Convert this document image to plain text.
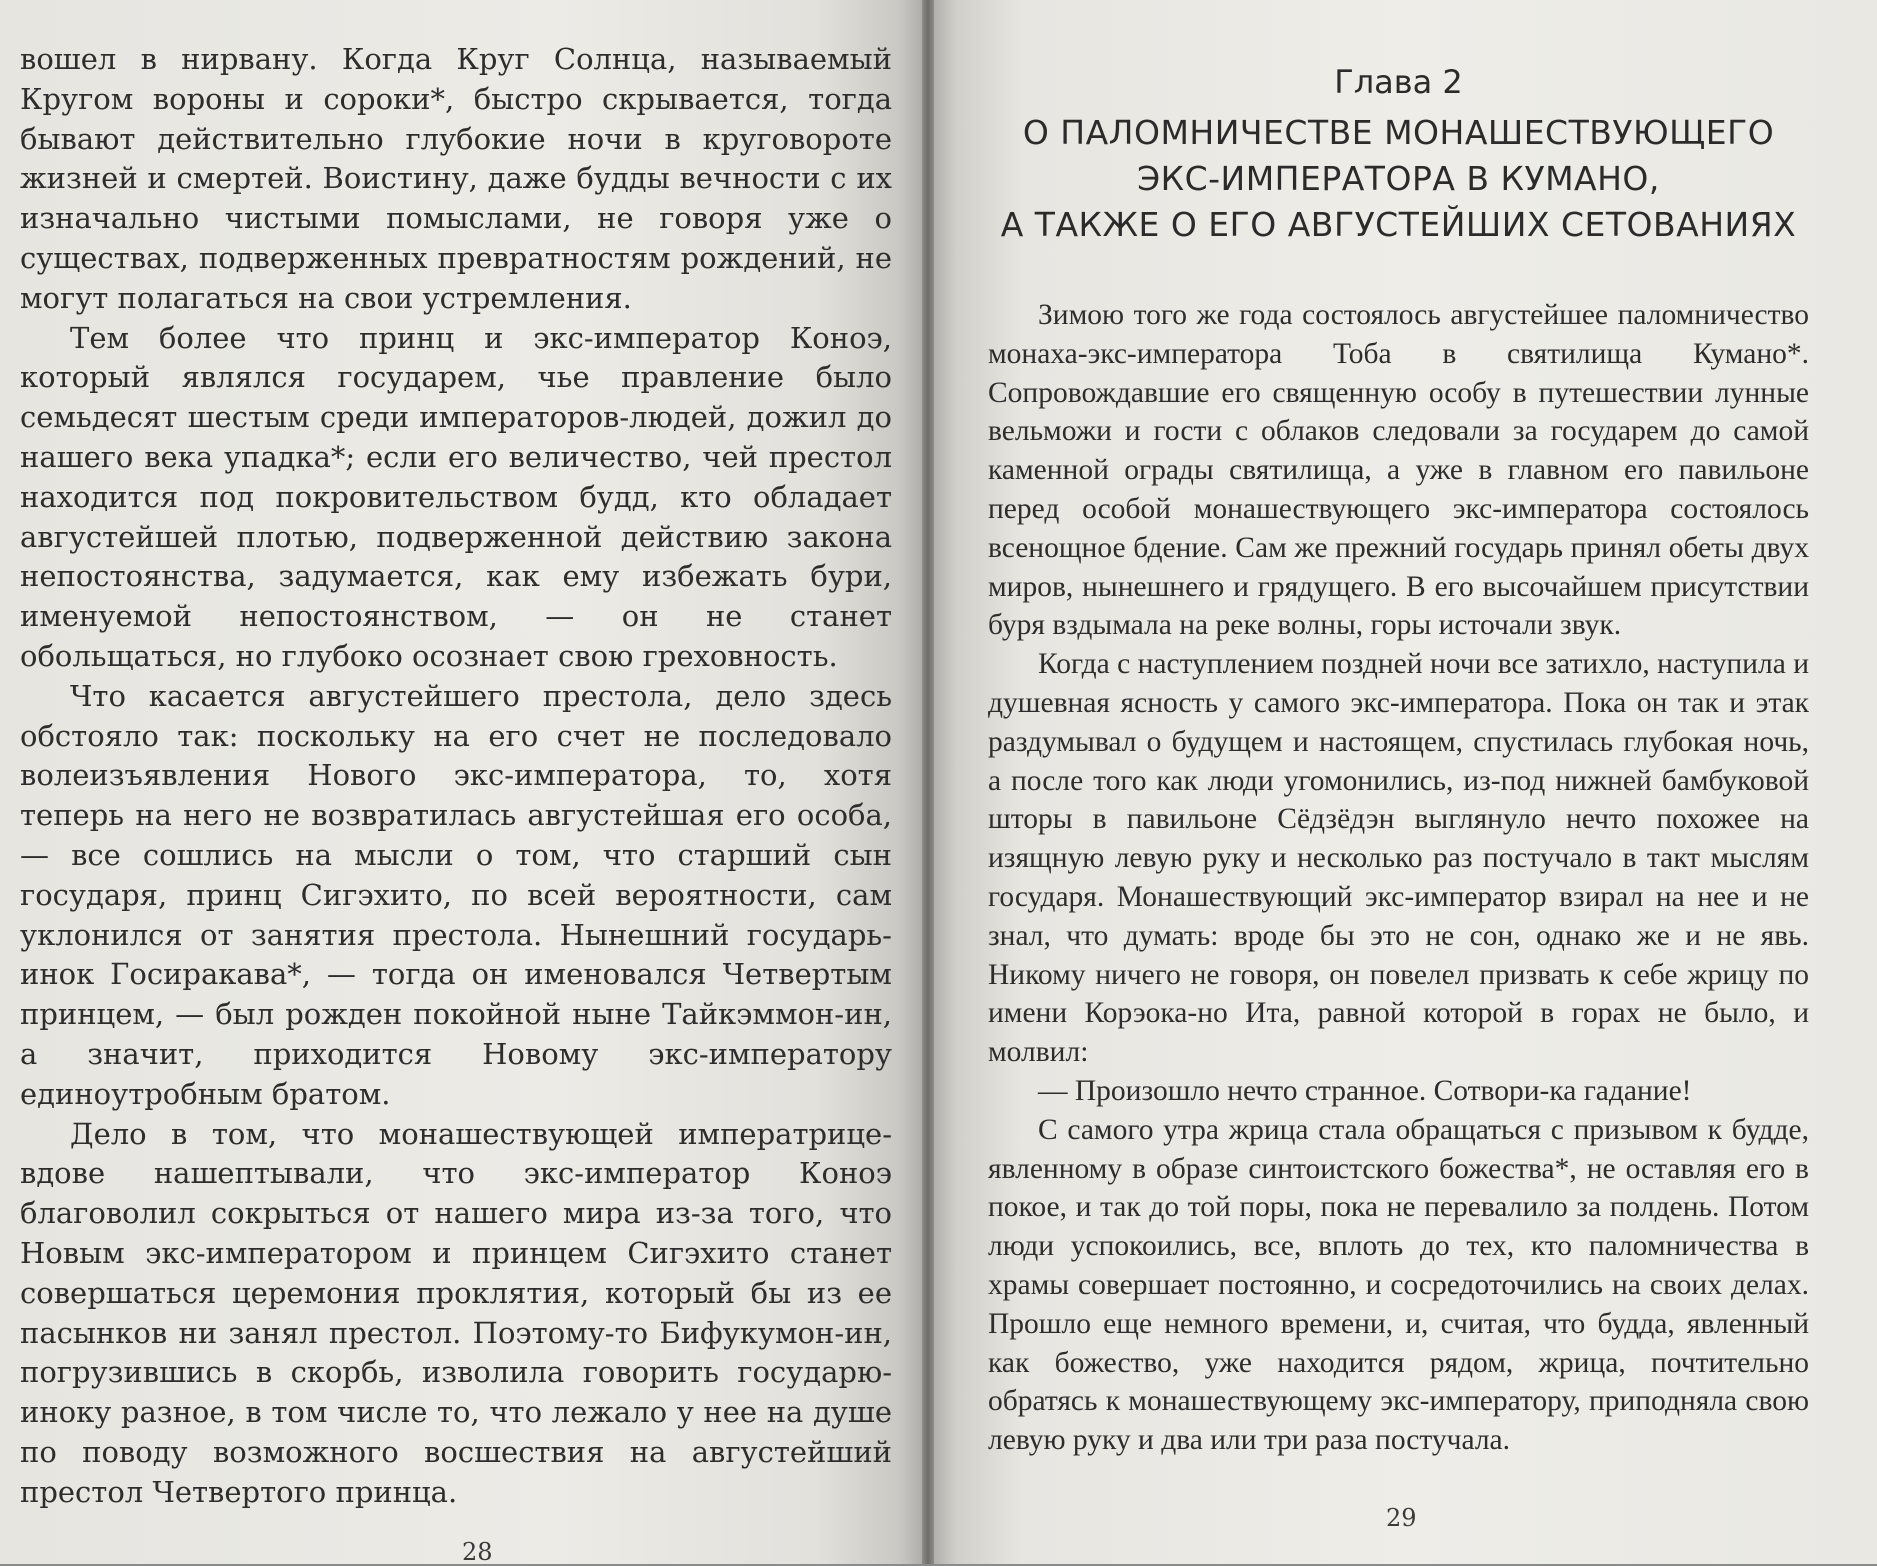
вошел в нирвану. Когда Круг Солнца, называемый Кругом вороны и сороки*, быстро скрывается, тогда бывают действительно глубокие ночи в круговороте жизней и смертей. Воистину, даже будды вечности с их изначально чистыми помыслами, не говоря уже о существах, подверженных превратностям рождений, не могут полагаться на свои устремления.

Тем более что принц и экс-император Коноэ, который являлся государем, чье правление было семьдесят шестым среди императоров-людей, дожил до нашего века упадка*; если его величество, чей престол находится под покровительством будд, кто обладает августейшей плотью, подверженной действию закона непостоянства, задумается, как ему избежать бури, именуемой непостоянством, — он не станет обольщаться, но глубоко осознает свою греховность.

Что касается августейшего престола, дело здесь обстояло так: поскольку на его счет не последовало волеизъявления Нового экс-императора, то, хотя теперь на него не возвратилась августейшая его особа, — все сошлись на мысли о том, что старший сын государя, принц Сигэхито, по всей вероятности, сам уклонился от занятия престола. Нынешний государь-инок Госиракава*, — тогда он именовался Четвертым принцем, — был рожден покойной ныне Тайкэммон-ин, а значит, приходится Новому экс-императору единоутробным братом.

Дело в том, что монашествующей императрице-вдове нашептывали, что экс-император Коноэ благоволил сокрыться от нашего мира из-за того, что Новым экс-императором и принцем Сигэхито станет совершаться церемония проклятия, который бы из ее пасынков ни занял престол. Поэтому-то Бифукумон-ин, погрузившись в скорбь, изволила говорить государю-иноку разное, в том числе то, что лежало у нее на душе по поводу возможного восшествия на августейший престол Четвертого принца.

28
Глава 2
О ПАЛОМНИЧЕСТВЕ МОНАШЕСТВУЮЩЕГО
ЭКС-ИМПЕРАТОРА В КУМАНО,
А ТАКЖЕ О ЕГО АВГУСТЕЙШИХ СЕТОВАНИЯХ

Зимою того же года состоялось августейшее паломничество монаха-экс-императора Тоба в святилища Кумано*. Сопровождавшие его священную особу в путешествии лунные вельможи и гости с облаков следовали за государем до самой каменной ограды святилища, а уже в главном его павильоне перед особой монашествующего экс-императора состоялось всенощное бдение. Сам же прежний государь принял обеты двух миров, нынешнего и грядущего. В его высочайшем присутствии буря вздымала на реке волны, горы источали звук.

Когда с наступлением поздней ночи все затихло, наступила и душевная ясность у самого экс-императора. Пока он так и этак раздумывал о будущем и настоящем, спустилась глубокая ночь, а после того как люди угомонились, из-под нижней бамбуковой шторы в павильоне Сёдзёдэн выглянуло нечто похожее на изящную левую руку и несколько раз постучало в такт мыслям государя. Монашествующий экс-император взирал на нее и не знал, что думать: вроде бы это не сон, однако же и не явь. Никому ничего не говоря, он повелел призвать к себе жрицу по имени Корэока-но Ита, равной которой в горах не было, и молвил:

— Произошло нечто странное. Сотвори-ка гадание!

С самого утра жрица стала обращаться с призывом к будде, явленному в образе синтоистского божества*, не оставляя его в покое, и так до той поры, пока не перевалило за полдень. Потом люди успокоились, все, вплоть до тех, кто паломничества в храмы совершает постоянно, и сосредоточились на своих делах. Прошло еще немного времени, и, считая, что будда, явленный как божество, уже находится рядом, жрица, почтительно обратясь к монашествующему экс-императору, приподняла свою левую руку и два или три раза постучала.

29
